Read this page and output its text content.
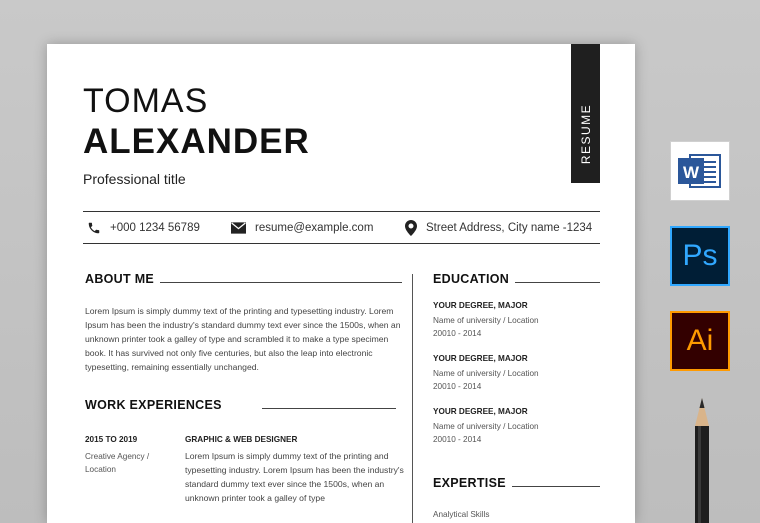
TOMAS
ALEXANDER
Professional title
RESUME
+000 1234 56789	resume@example.com	Street Address, City name -1234
ABOUT ME
Lorem Ipsum is simply dummy text of the printing and typesetting industry. Lorem Ipsum has been the industry's standard dummy text ever since the 1500s, when an unknown printer took a galley of type and scrambled it to make a type specimen book. It has survived not only five centuries, but also the leap into electronic typesetting, remaining essentially unchanged.
WORK EXPERIENCES
2015 TO 2019
Creative Agency / Location
GRAPHIC & WEB DESIGNER
Lorem Ipsum is simply dummy text of the printing and typesetting industry. Lorem Ipsum has been the industry's standard dummy text ever since the 1500s, when an unknown printer took a galley of type
EDUCATION
YOUR DEGREE, MAJOR
Name of university / Location
20010 - 2014
YOUR DEGREE, MAJOR
Name of university / Location
20010 - 2014
YOUR DEGREE, MAJOR
Name of university / Location
20010 - 2014
EXPERTISE
Analytical Skills
W
Ps
Ai
